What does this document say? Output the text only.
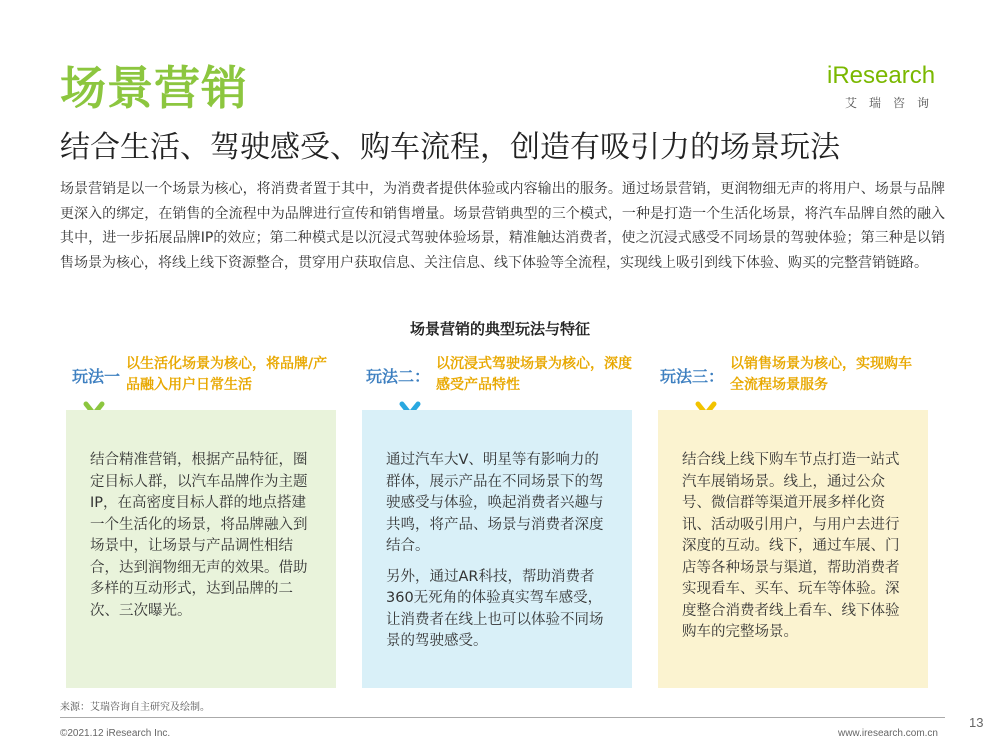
场景营销	iResearch
艾瑞咨询
结合生活、驾驶感受、购车流程，创造有吸引力的场景玩法
场景营销是以一个场景为核心，将消费者置于其中，为消费者提供体验或内容输出的服务。通过场景营销，更润物细无声的将用户、场景与品牌更深入的绑定，在销售的全流程中为品牌进行宣传和销售增量。场景营销典型的三个模式，一种是打造一个生活化场景，将汽车品牌自然的融入其中，进一步拓展品牌IP的效应；第二种模式是以沉浸式驾驶体验场景，精准触达消费者，使之沉浸式感受不同场景的驾驶体验；第三种是以销售场景为核心，将线上线下资源整合，贯穿用户获取信息、关注信息、线下体验等全流程，实现线上吸引到线下体验、购买的完整营销链路。
场景营销的典型玩法与特征
玩法一
以生活化场景为核心，将品牌/产品融入用户日常生活

结合精准营销，根据产品特征，圈定目标人群，以汽车品牌作为主题IP，在高密度目标人群的地点搭建一个生活化的场景，将品牌融入到场景中，让场景与产品调性相结合，达到润物细无声的效果。借助多样的互动形式，达到品牌的二次、三次曝光。

玩法二：
以沉浸式驾驶场景为核心，深度感受产品特性

通过汽车大V、明星等有影响力的群体，展示产品在不同场景下的驾驶感受与体验，唤起消费者兴趣与共鸣，将产品、场景与消费者深度结合。

另外，通过AR科技，帮助消费者360无死角的体验真实驾车感受，让消费者在线上也可以体验不同场景的驾驶感受。

玩法三：
以销售场景为核心，实现购车全流程场景服务

结合线上线下购车节点打造一站式汽车展销场景。线上，通过公众号、微信群等渠道开展多样化资讯、活动吸引用户，与用户去进行深度的互动。线下，通过车展、门店等各种场景与渠道，帮助消费者实现看车、买车、玩车等体验。深度整合消费者线上看车、线下体验购车的完整场景。

来源：艾瑞咨询自主研究及绘制。
©2021.12 iResearch Inc.	www.iresearch.com.cn
13
